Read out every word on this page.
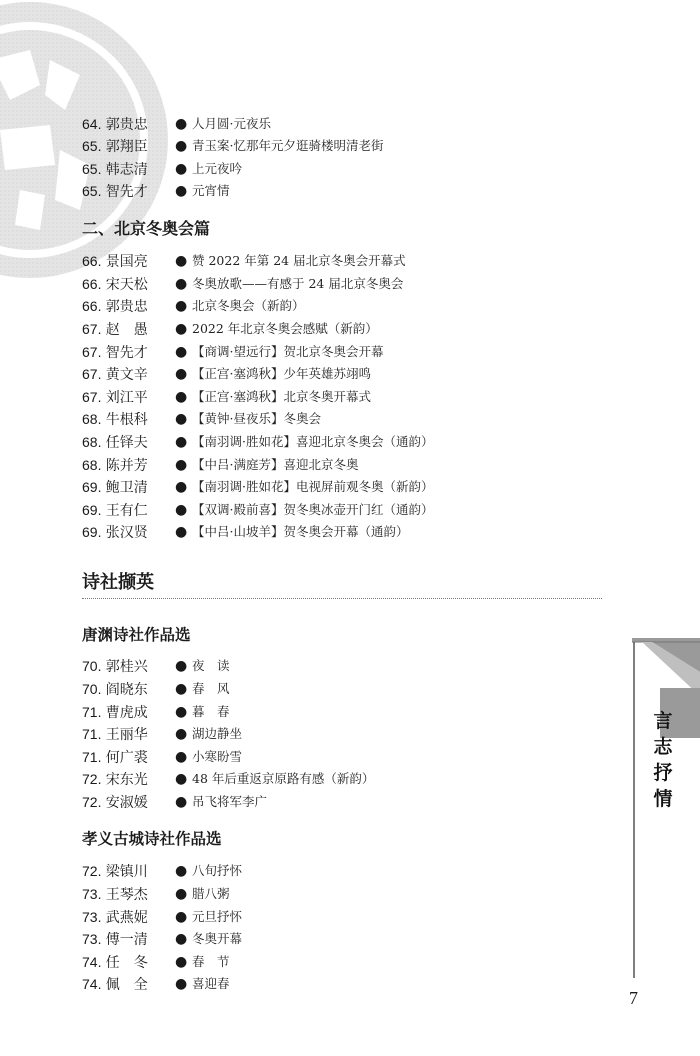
言志抒情
64. 郭贵忠 ● 人月圆·元夜乐
65. 郭翔臣 ● 青玉案·忆那年元夕逛骑楼明清老街
65. 韩志清 ● 上元夜吟
65. 智先才 ● 元宵情
二、北京冬奥会篇
66. 景国亮 ● 赞 2022 年第 24 届北京冬奥会开幕式
66. 宋天松 ● 冬奥放歌——有感于 24 届北京冬奥会
66. 郭贵忠 ● 北京冬奥会（新韵）
67. 赵　愚 ● 2022 年北京冬奥会感赋（新韵）
67. 智先才 ● 【商调·望远行】贺北京冬奥会开幕
67. 黄文辛 ● 【正宫·塞鸿秋】少年英雄苏翊鸣
67. 刘江平 ● 【正宫·塞鸿秋】北京冬奥开幕式
68. 牛根科 ● 【黄钟·昼夜乐】冬奥会
68. 任铎夫 ● 【南羽调·胜如花】喜迎北京冬奥会（通韵）
68. 陈并芳 ● 【中吕·满庭芳】喜迎北京冬奥
69. 鲍卫清 ● 【南羽调·胜如花】电视屏前观冬奥（新韵）
69. 王有仁 ● 【双调·殿前喜】贺冬奥冰壶开门红（通韵）
69. 张汉贤 ● 【中吕·山坡羊】贺冬奥会开幕（通韵）
诗社撷英
唐渊诗社作品选
70. 郭桂兴 ● 夜　读
70. 阎晓东 ● 春　风
71. 曹虎成 ● 暮　春
71. 王丽华 ● 湖边静坐
71. 何广裘 ● 小寒盼雪
72. 宋东光 ● 48 年后重返京原路有感（新韵）
72. 安淑媛 ● 吊飞将军李广
孝义古城诗社作品选
72. 梁镇川 ● 八旬抒怀
73. 王琴杰 ● 腊八粥
73. 武燕妮 ● 元旦抒怀
73. 傅一清 ● 冬奥开幕
74. 任　冬 ● 春　节
74. 佩　全 ● 喜迎春
7
